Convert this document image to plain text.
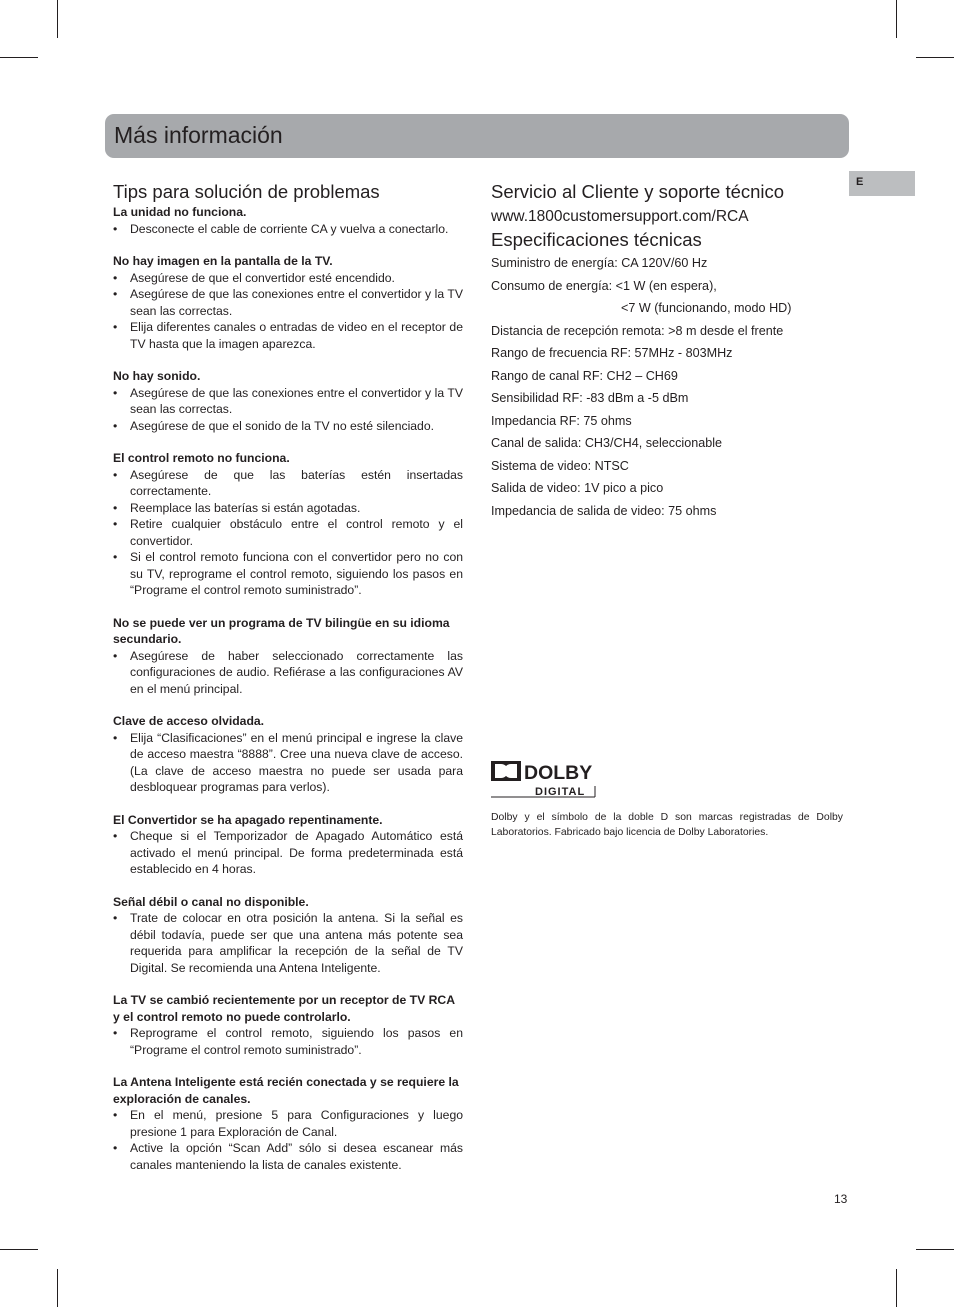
Más información
E
Tips para solución de problemas

La unidad no funciona.

• Desconecte el cable de corriente CA y vuelva a conectarlo.

No hay imagen en la pantalla de la TV.

• Asegúrese de que el convertidor esté encendido.
• Asegúrese de que las conexiones entre el convertidor y la TV sean las correctas.
• Elija diferentes canales o entradas de video en el receptor de TV hasta que la imagen aparezca.

No hay sonido.

• Asegúrese de que las conexiones entre el convertidor y la TV sean las correctas.
• Asegúrese de que el sonido de la TV no esté silenciado.

El control remoto no funciona.

• Asegúrese de que las baterías estén insertadas correctamente.
• Reemplace las baterías si están agotadas.
• Retire cualquier obstáculo entre el control remoto y el convertidor.
• Si el control remoto funciona con el convertidor pero no con su TV, reprograme el control remoto, siguiendo los pasos en “Programe el control remoto suministrado”.

No se puede ver un programa de TV bilingüe en su idioma secundario.

• Asegúrese de haber seleccionado correctamente las configuraciones de audio. Refiérase a las configuraciones AV en el menú principal.

Clave de acceso olvidada.

• Elija “Clasificaciones” en el menú principal e ingrese la clave de acceso maestra “8888”. Cree una nueva clave de acceso. (La clave de acceso maestra no puede ser usada para desbloquear programas para verlos).

El Convertidor se ha apagado repentinamente.

• Cheque si el Temporizador de Apagado Automático está activado el menú principal. De forma predeterminada está establecido en 4 horas.

Señal débil o canal no disponible.

• Trate de colocar en otra posición la antena. Si la señal es débil todavía, puede ser que una antena más potente sea requerida para amplificar la recepción de la señal de TV Digital. Se recomienda una Antena Inteligente.

La TV se cambió recientemente por un receptor de TV RCA y el control remoto no puede controlarlo.

• Reprograme el control remoto, siguiendo los pasos en “Programe el control remoto suministrado”.

La Antena Inteligente está recién conectada y se requiere la exploración de canales.

• En el menú, presione 5 para Configuraciones y luego presione 1 para Exploración de Canal.
• Active la opción “Scan Add” sólo si desea escanear más canales manteniendo la lista de canales existente.
Servicio al Cliente y soporte técnico
www.1800customersupport.com/RCA
Especificaciones técnicas
Suministro de energía: CA 120V/60 Hz
Consumo de energía: <1 W (en espera),
<7 W (funcionando, modo HD)
Distancia de recepción remota: >8 m desde el frente
Rango de frecuencia RF: 57MHz - 803MHz
Rango de canal RF: CH2 – CH69
Sensibilidad RF: -83 dBm a -5 dBm
Impedancia RF: 75 ohms
Canal de salida: CH3/CH4, seleccionable
Sistema de video: NTSC
Salida de video: 1V pico a pico
Impedancia de salida de video: 75 ohms
DOLBY
DIGITAL
Dolby y el símbolo de la doble D son marcas registradas de Dolby Laboratorios. Fabricado bajo licencia de Dolby Laboratories.
13
